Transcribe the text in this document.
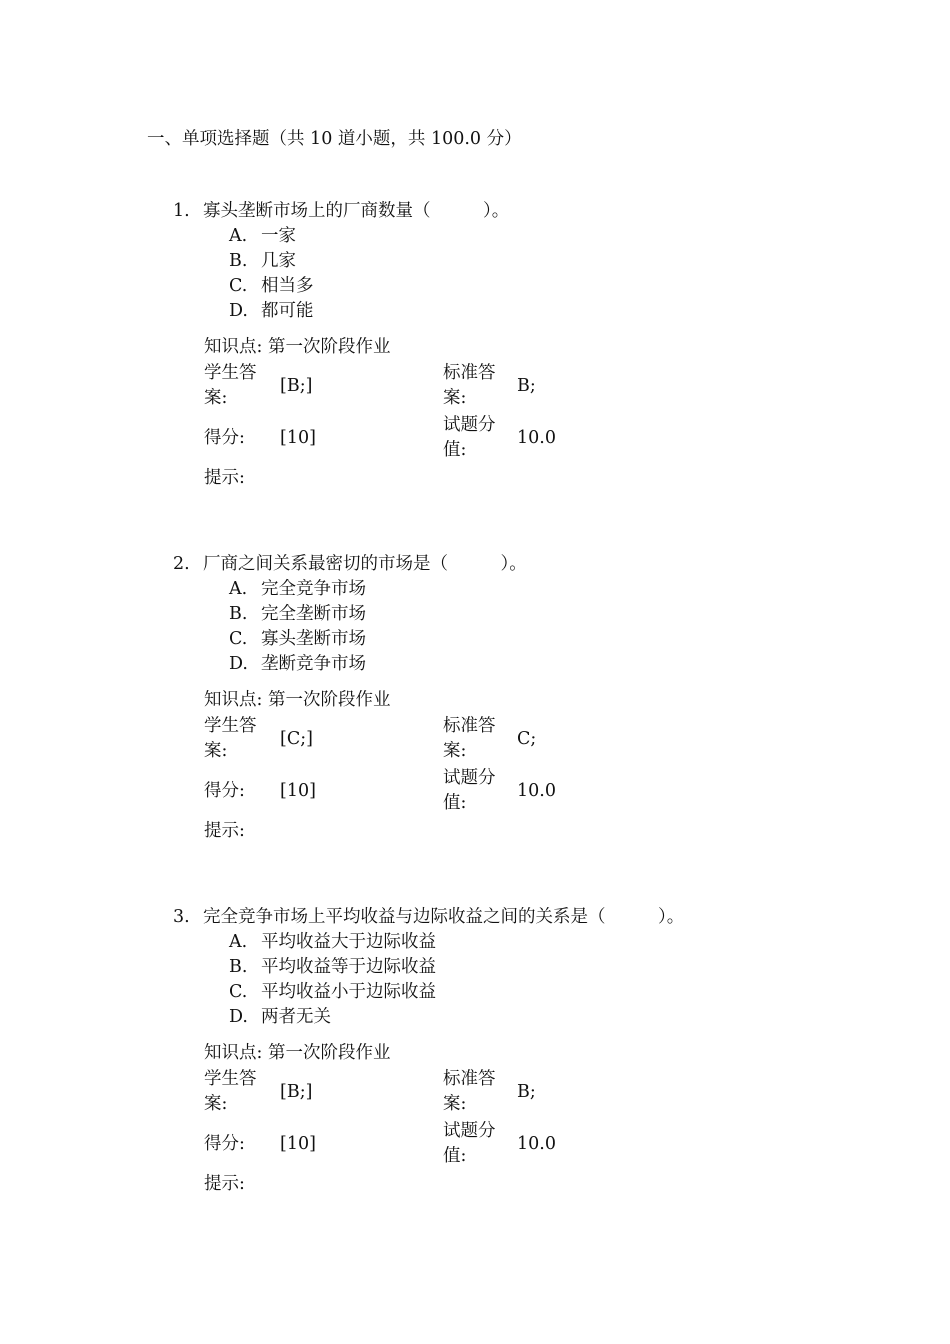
一、单项选择题（共 10 道小题，共 100.0 分）
1. 寡头垄断市场上的厂商数量（　　　）。
A. 一家
B. 几家
C. 相当多
D. 都可能
知识点: 第一次阶段作业
学生答
案:
[B;]
标准答
案:
B;
得分: [10]
试题分
值:
10.0
提示:
2. 厂商之间关系最密切的市场是（　　　）。
A. 完全竞争市场
B. 完全垄断市场
C. 寡头垄断市场
D. 垄断竞争市场
知识点: 第一次阶段作业
学生答
案:
[C;]
标准答
案:
C;
得分: [10]
试题分
值:
10.0
提示:
3. 完全竞争市场上平均收益与边际收益之间的关系是（　　　）。
A. 平均收益大于边际收益
B. 平均收益等于边际收益
C. 平均收益小于边际收益
D. 两者无关
知识点: 第一次阶段作业
学生答
案:
[B;]
标准答
案:
B;
得分: [10]
试题分
值:
10.0
提示:
